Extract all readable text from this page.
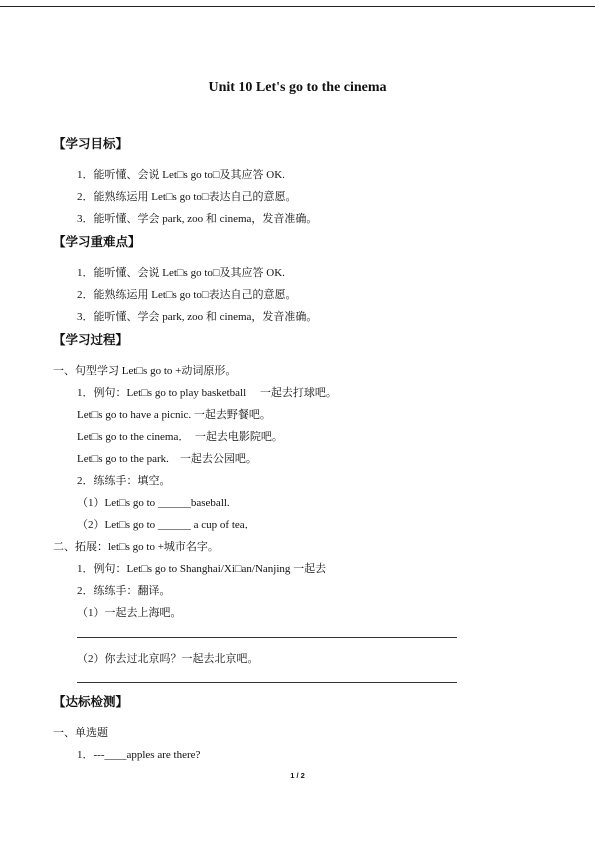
Unit 10 Let's go to the cinema
【学习目标】
1．能听懂、会说 Let□s go to□及其应答 OK.
2．能熟练运用 Let□s go to□表达自己的意愿。
3．能听懂、学会 park, zoo 和 cinema，发音准确。
【学习重难点】
1．能听懂、会说 Let□s go to□及其应答 OK.
2．能熟练运用 Let□s go to□表达自己的意愿。
3．能听懂、学会 park, zoo 和 cinema，发音准确。
【学习过程】
一、句型学习 Let□s go to +动词原形。
1．例句：Let□s go to play basketball　 一起去打球吧。
Let□s go to have a picnic. 一起去野餐吧。
Let□s go to the cinema．　一起去电影院吧。
Let□s go to the park.　一起去公园吧。
2．练练手：填空。
（1）Let□s go to ______baseball.
（2）Let□s go to ______ a cup of tea．
二、拓展：let□s go to +城市名字。
1．例句：Let□s go to Shanghai/Xi□an/Nanjing 一起去
2．练练手：翻译。
（1）一起去上海吧。
（2）你去过北京吗？一起去北京吧。
【达标检测】
一、单选题
1．---____apples are there?
1 / 2
